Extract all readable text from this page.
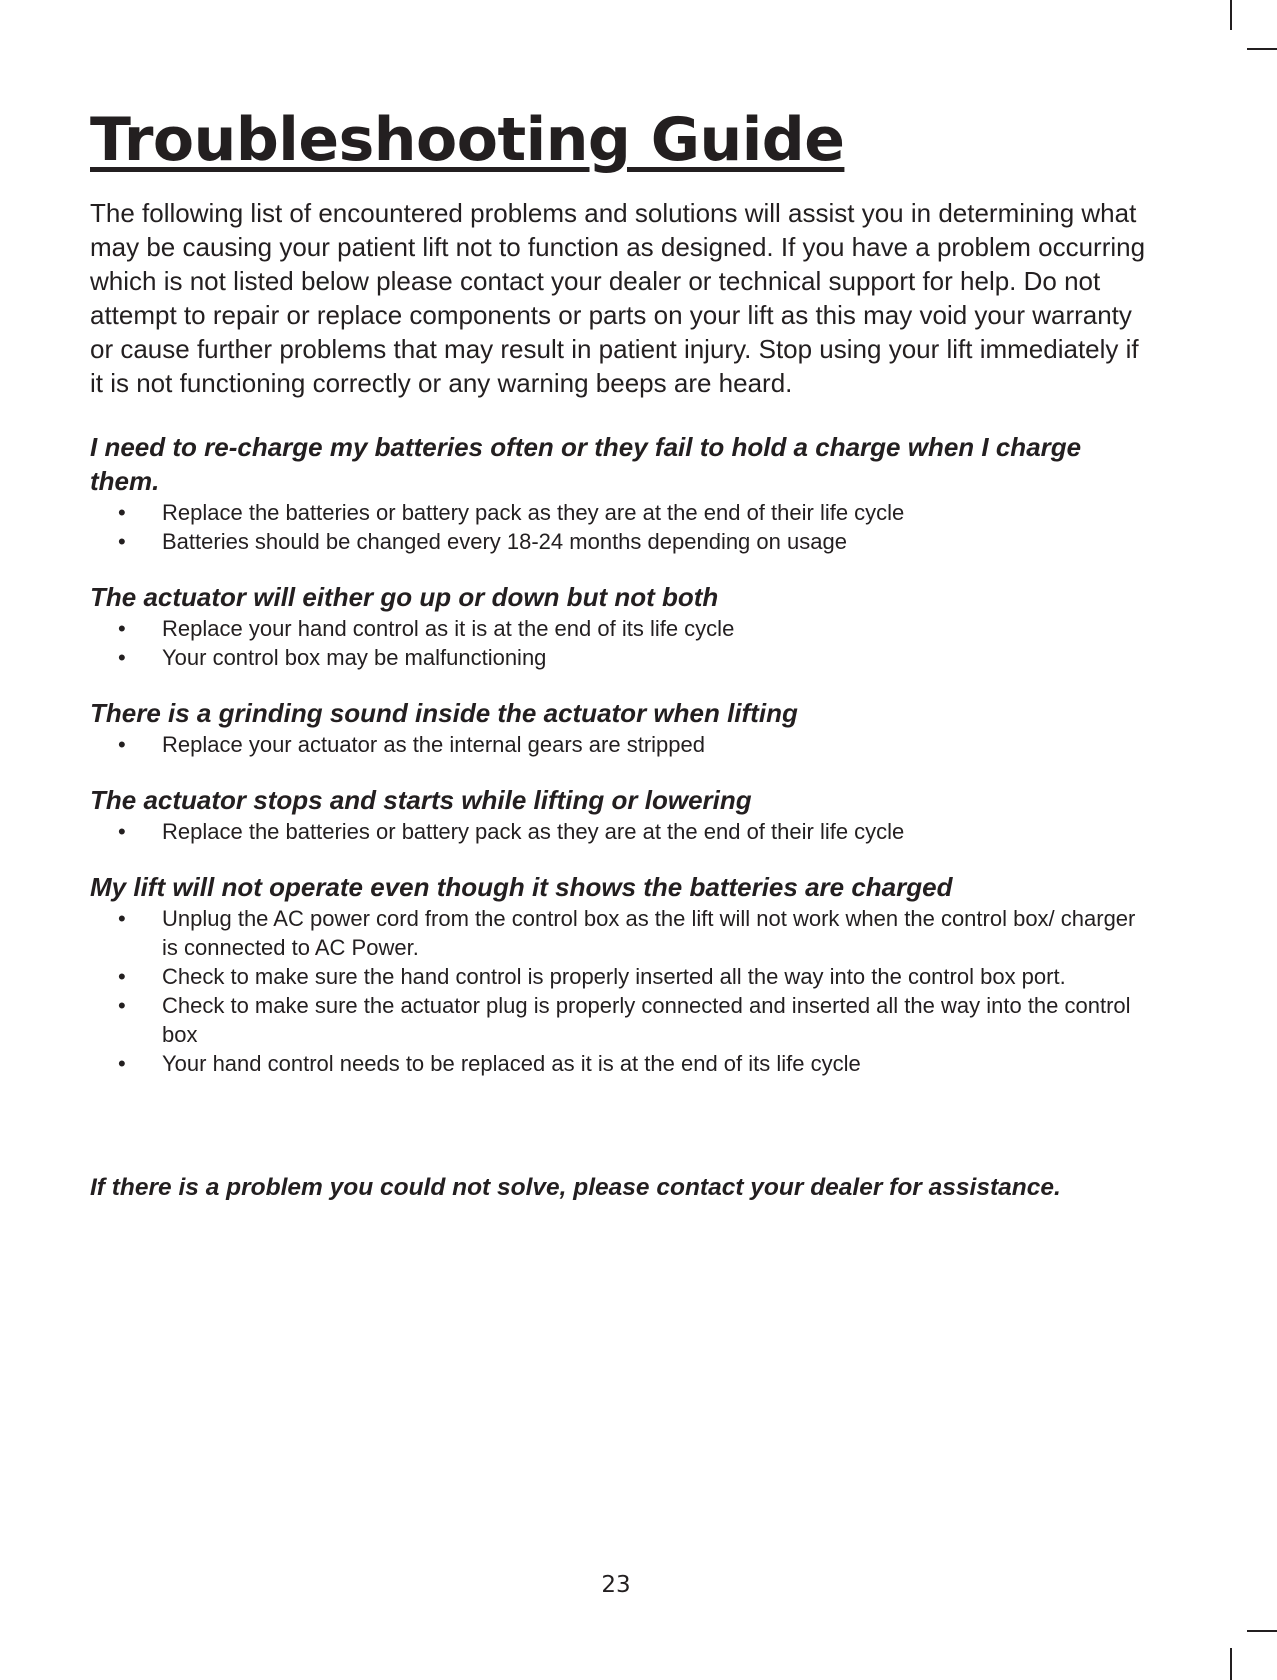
Troubleshooting Guide

The following list of encountered problems and solutions will assist you in determining what may be causing your patient lift not to function as designed. If you have a problem occurring which is not listed below please contact your dealer or technical support for help. Do not attempt to repair or replace components or parts on your lift as this may void your warranty or cause further problems that may result in patient injury. Stop using your lift immediately if it is not functioning correctly or any warning beeps are heard.

I need to re-charge my batteries often or they fail to hold a charge when I charge them.

• Replace the batteries or battery pack as they are at the end of their life cycle
• Batteries should be changed every 18-24 months depending on usage

The actuator will either go up or down but not both

• Replace your hand control as it is at the end of its life cycle
• Your control box may be malfunctioning

There is a grinding sound inside the actuator when lifting

• Replace your actuator as the internal gears are stripped

The actuator stops and starts while lifting or lowering

• Replace the batteries or battery pack as they are at the end of their life cycle

My lift will not operate even though it shows the batteries are charged

• Unplug the AC power cord from the control box as the lift will not work when the control box/ charger is connected to AC Power.
• Check to make sure the hand control is properly inserted all the way into the control box port.
• Check to make sure the actuator plug is properly connected and inserted all the way into the control box
• Your hand control needs to be replaced as it is at the end of its life cycle

If there is a problem you could not solve, please contact your dealer for assistance.

23
